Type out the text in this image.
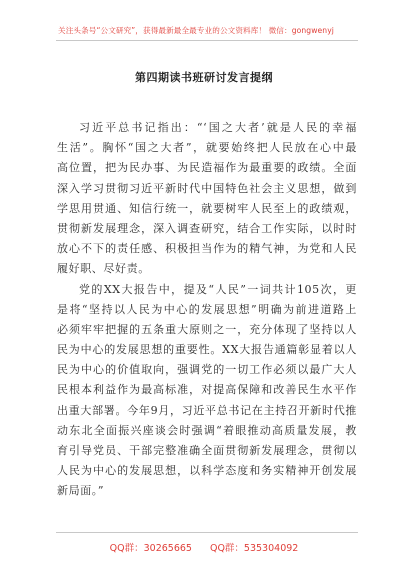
关注头条号“公文研究”，获得最新最全最专业的公文资料库！ 微信：gongwenyj
第四期读书班研讨发言提纲
习近平总书记指出：“‘国之大者’就是人民的幸福
生活”。胸怀“国之大者”，就要始终把人民放在心中最
高位置，把为民办事、为民造福作为最重要的政绩。全面
深入学习贯彻习近平新时代中国特色社会主义思想，做到
学思用贯通、知信行统一，就要树牢人民至上的政绩观，
贯彻新发展理念，深入调查研究，结合工作实际，以时时
放心不下的责任感、积极担当作为的精气神，为党和人民
履好职、尽好责。
党的XX大报告中，提及“人民”一词共计105次，更
是将“坚持以人民为中心的发展思想”明确为前进道路上
必须牢牢把握的五条重大原则之一，充分体现了坚持以人
民为中心的发展思想的重要性。XX大报告通篇彰显着以人
民为中心的价值取向，强调党的一切工作必须以最广大人
民根本利益作为最高标准，对提高保障和改善民生水平作
出重大部署。今年9月，习近平总书记在主持召开新时代推
动东北全面振兴座谈会时强调“着眼推动高质量发展，教
育引导党员、干部完整准确全面贯彻新发展理念，贯彻以
人民为中心的发展思想，以科学态度和务实精神开创发展
新局面。”
QQ群：30265665 QQ群：535304092
